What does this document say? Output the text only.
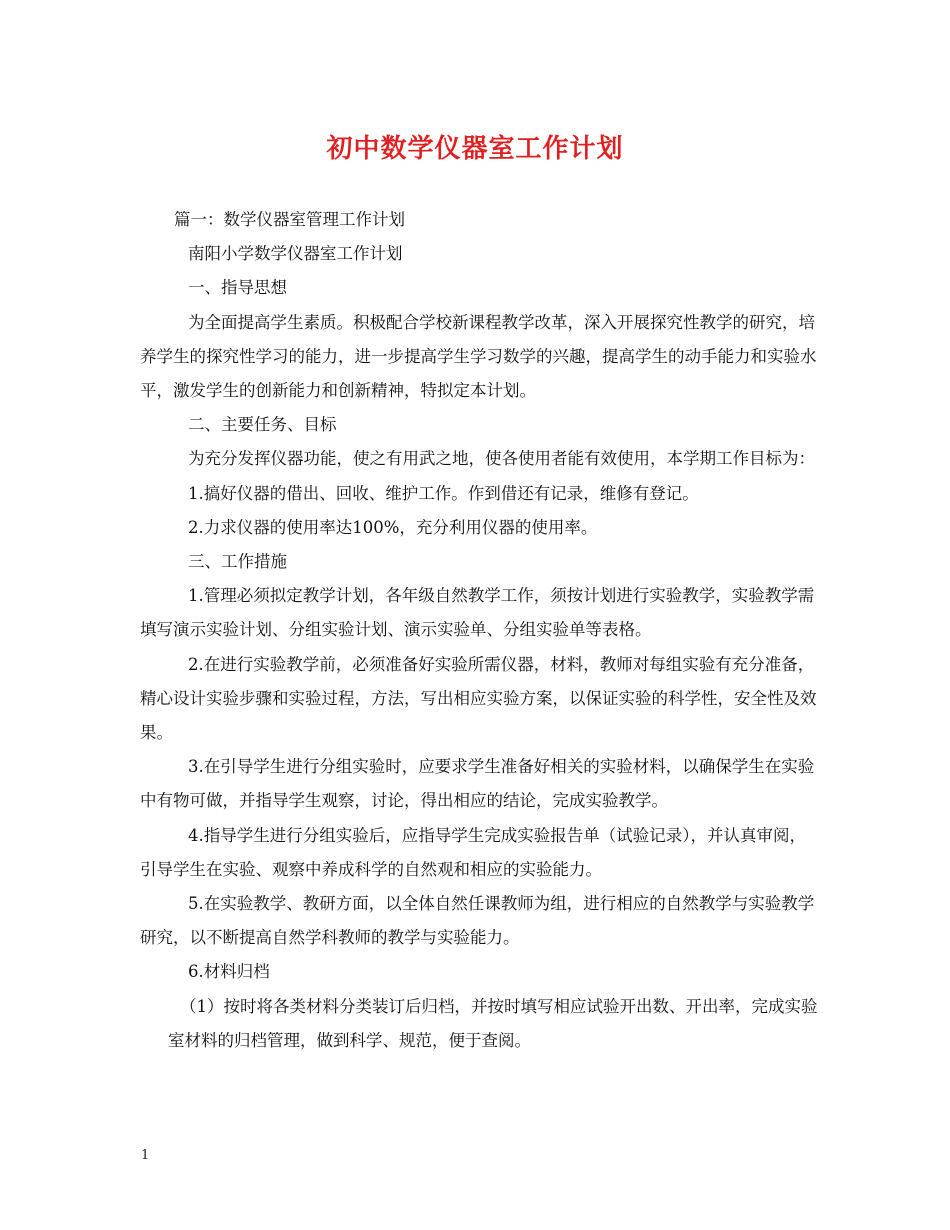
初中数学仪器室工作计划

篇一：数学仪器室管理工作计划

南阳小学数学仪器室工作计划

一、指导思想

为全面提高学生素质。积极配合学校新课程教学改革，深入开展探究性教学的研究，培养学生的探究性学习的能力，进一步提高学生学习数学的兴趣，提高学生的动手能力和实验水平，激发学生的创新能力和创新精神，特拟定本计划。

二、主要任务、目标

为充分发挥仪器功能，使之有用武之地，使各使用者能有效使用，本学期工作目标为：

1.搞好仪器的借出、回收、维护工作。作到借还有记录，维修有登记。

2.力求仪器的使用率达100%，充分利用仪器的使用率。

三、工作措施

1.管理必须拟定教学计划，各年级自然教学工作，须按计划进行实验教学，实验教学需填写演示实验计划、分组实验计划、演示实验单、分组实验单等表格。

2.在进行实验教学前，必须准备好实验所需仪器，材料，教师对每组实验有充分准备，精心设计实验步骤和实验过程，方法，写出相应实验方案，以保证实验的科学性，安全性及效果。

3.在引导学生进行分组实验时，应要求学生准备好相关的实验材料，以确保学生在实验中有物可做，并指导学生观察，讨论，得出相应的结论，完成实验教学。

4.指导学生进行分组实验后，应指导学生完成实验报告单（试验记录），并认真审阅，引导学生在实验、观察中养成科学的自然观和相应的实验能力。

5.在实验教学、教研方面，以全体自然任课教师为组，进行相应的自然教学与实验教学研究，以不断提高自然学科教师的教学与实验能力。

6.材料归档

（1）按时将各类材料分类装订后归档，并按时填写相应试验开出数、开出率，完成实验室材料的归档管理，做到科学、规范，便于查阅。

1
